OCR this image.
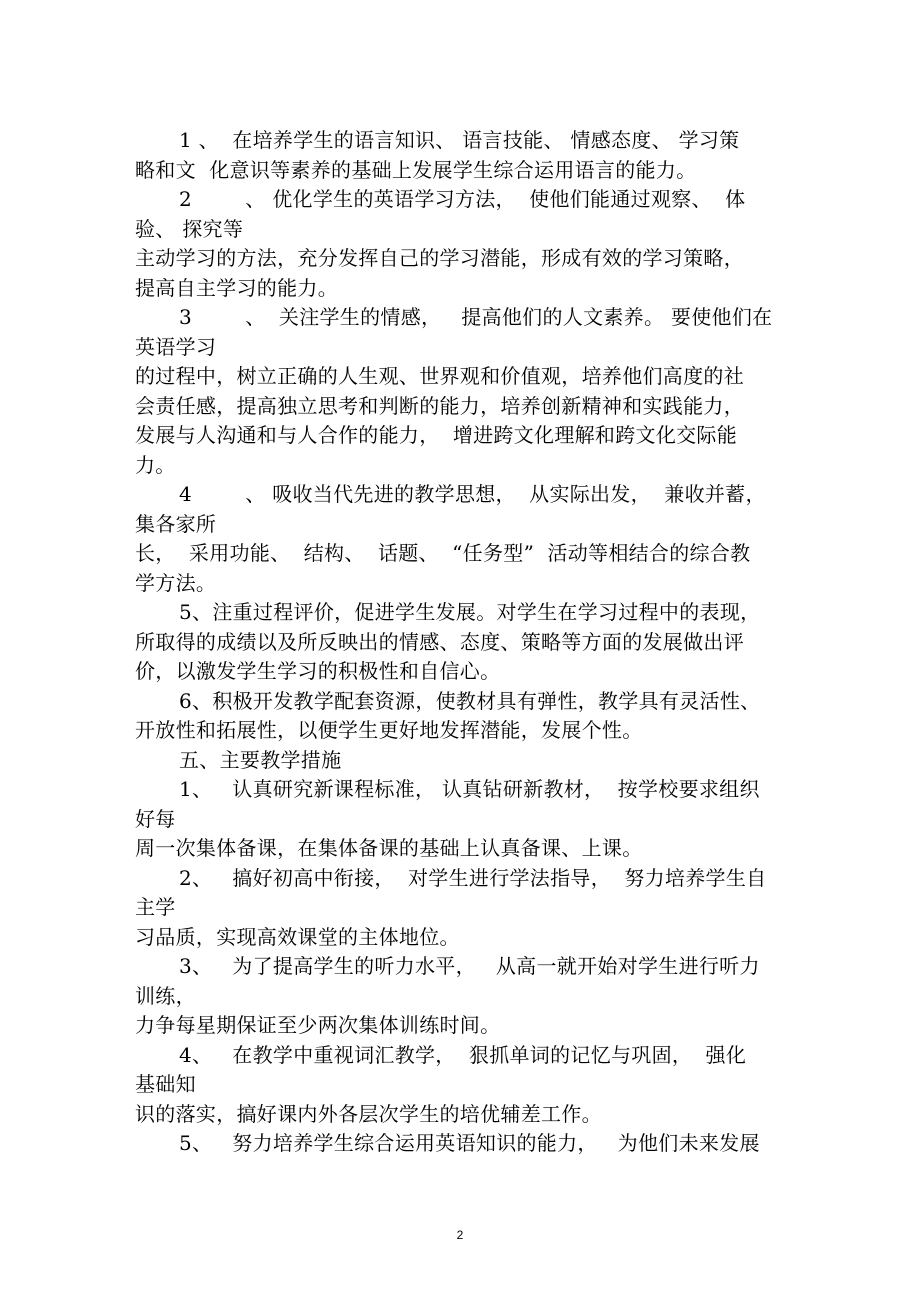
1 、  在培养学生的语言知识、 语言技能、 情感态度、 学习策
略和文  化意识等素养的基础上发展学生综合运用语言的能力。
2        、 优化学生的英语学习方法，  使他们能通过观察、  体
验、 探究等
主动学习的方法，充分发挥自己的学习潜能，形成有效的学习策略，
提高自主学习的能力。
3        、  关注学生的情感，   提高他们的人文素养。 要使他们在
英语学习
的过程中，树立正确的人生观、世界观和价值观，培养他们高度的社
会责任感，提高独立思考和判断的能力，培养创新精神和实践能力，
发展与人沟通和与人合作的能力，  增进跨文化理解和跨文化交际能
力。
4        、 吸收当代先进的教学思想，  从实际出发，  兼收并蓄，
集各家所
长，  采用功能、  结构、  话题、  “任务型”  活动等相结合的综合教
学方法。
5、注重过程评价，促进学生发展。对学生在学习过程中的表现，
所取得的成绩以及所反映出的情感、态度、策略等方面的发展做出评
价，以激发学生学习的积极性和自信心。
6、积极开发教学配套资源，使教材具有弹性，教学具有灵活性、
开放性和拓展性，以便学生更好地发挥潜能，发展个性。
五、主要教学措施
1、   认真研究新课程标准， 认真钻研新教材，  按学校要求组织
好每
周一次集体备课，在集体备课的基础上认真备课、上课。
2、   搞好初高中衔接，  对学生进行学法指导，  努力培养学生自
主学
习品质，实现高效课堂的主体地位。
3、   为了提高学生的听力水平，   从高一就开始对学生进行听力
训练，
力争每星期保证至少两次集体训练时间。
4、   在教学中重视词汇教学，  狠抓单词的记忆与巩固，  强化
基础知
识的落实，搞好课内外各层次学生的培优辅差工作。
5、   努力培养学生综合运用英语知识的能力，   为他们未来发展
2
